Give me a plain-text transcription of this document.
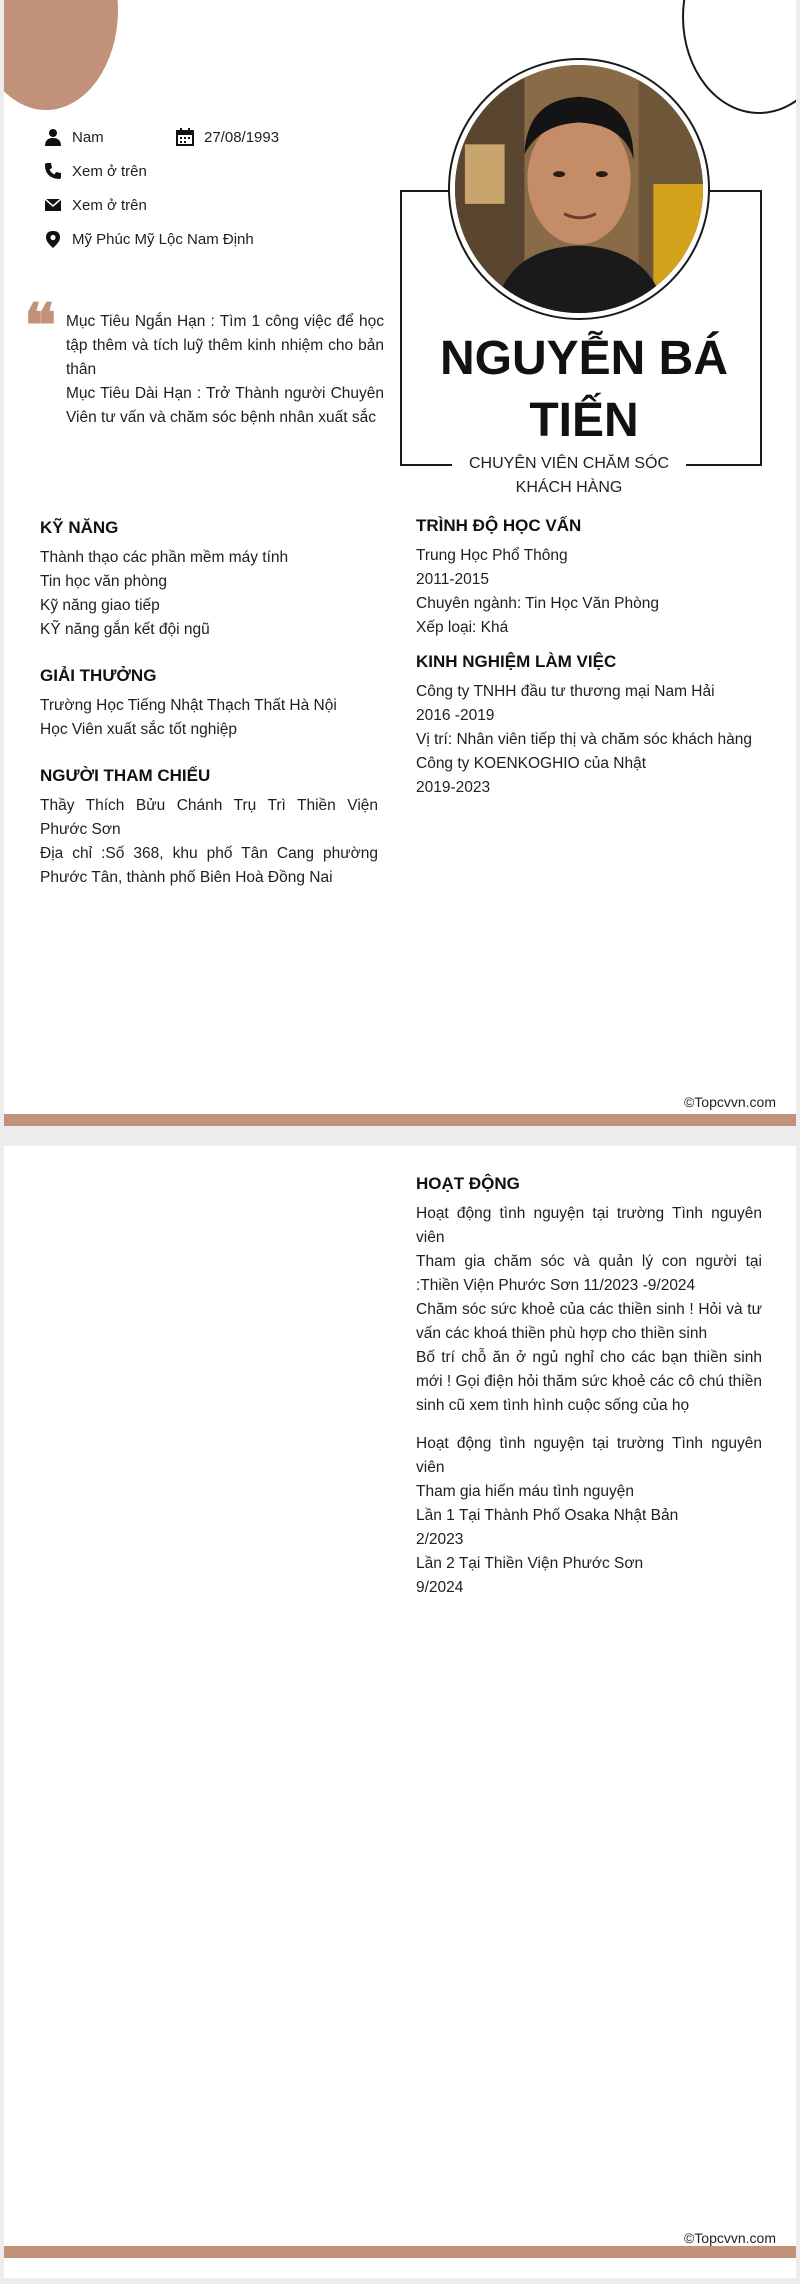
Nam	27/08/1993
Xem ở trên
Xem ở trên
Mỹ Phúc Mỹ Lộc Nam Định
❝ Mục Tiêu Ngắn Hạn : Tìm 1 công việc để học tập thêm và tích luỹ thêm kinh nhiệm cho bản thân

Mục Tiêu Dài Hạn : Trở Thành người Chuyên Viên tư vấn và chăm sóc bệnh nhân xuất sắc

NGUYỄN BÁ
TIẾN
CHUYÊN VIÊN CHĂM SÓC KHÁCH HÀNG
KỸ NĂNG

Thành thạo các phần mềm máy tính

Tin học văn phòng

Kỹ năng giao tiếp

KỸ năng gắn kết đội ngũ

GIẢI THƯỞNG

Trường Học Tiếng Nhật Thạch Thất Hà Nội

Học Viên xuất sắc tốt nghiệp

NGƯỜI THAM CHIẾU

Thầy Thích Bửu Chánh Trụ Trì Thiền Viện Phước Sơn

Địa chỉ :Số 368, khu phố Tân Cang phường Phước Tân, thành phố Biên Hoà Đồng Nai

TRÌNH ĐỘ HỌC VẤN

Trung Học Phổ Thông

2011-2015

Chuyên ngành: Tin Học Văn Phòng

Xếp loại: Khá

KINH NGHIỆM LÀM VIỆC

Công ty TNHH đầu tư thương mại Nam Hải

2016 -2019

Vị trí: Nhân viên tiếp thị và chăm sóc khách hàng

Công ty KOENKOGHIO của Nhật

2019-2023

©Topcvvn.com
HOẠT ĐỘNG

Hoạt động tình nguyện tại trường Tình nguyên viên

Tham gia chăm sóc và quản lý con người tại :Thiền Viện Phước Sơn 11/2023 -9/2024

Chăm sóc sức khoẻ của các thiền sinh ! Hỏi và tư vấn các khoá thiền phù hợp cho thiền sinh

Bố trí chỗ ăn ở ngủ nghỉ cho các bạn thiền sinh mới ! Gọi điện hỏi thăm sức khoẻ các cô chú thiền sinh cũ xem tình hình cuộc sống của họ

Hoạt động tình nguyện tại trường Tình nguyên viên

Tham gia hiến máu tình nguyện

Lần 1 Tại Thành Phố Osaka Nhật Bản

2/2023

Lần 2 Tại Thiền Viện Phước Sơn

9/2024

©Topcvvn.com
